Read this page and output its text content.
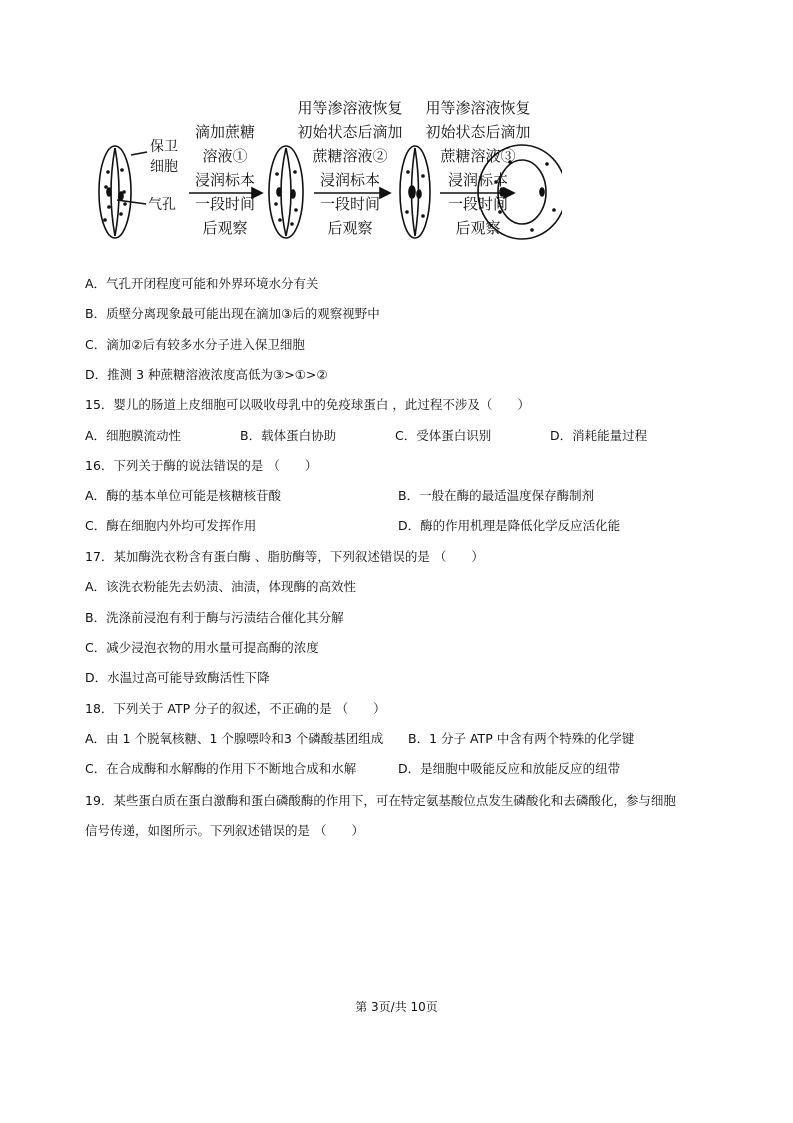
保卫
细胞
气孔
滴加蔗糖
溶液①
浸润标本
一段时间
后观察
用等渗溶液恢复
初始状态后滴加
蔗糖溶液②
浸润标本
一段时间
后观察
用等渗溶液恢复
初始状态后滴加
蔗糖溶液③
浸润标本
一段时间
后观察
A．气孔开闭程度可能和外界环境水分有关
B．质壁分离现象最可能出现在滴加③后的观察视野中
C．滴加②后有较多水分子进入保卫细胞
D．推测 3 种蔗糖溶液浓度高低为③>①>②
15．婴儿的肠道上皮细胞可以吸收母乳中的免疫球蛋白 ，此过程不涉及（　　）
A．细胞膜流动性	B．载体蛋白协助	C．受体蛋白识别	D．消耗能量过程
16．下列关于酶的说法错误的是 （　　）
A．酶的基本单位可能是核糖核苷酸	B．一般在酶的最适温度保存酶制剂
C．酶在细胞内外均可发挥作用	D．酶的作用机理是降低化学反应活化能
17．某加酶洗衣粉含有蛋白酶 、脂肪酶等，下列叙述错误的是 （　　）
A．该洗衣粉能先去奶渍、油渍，体现酶的高效性
B．洗涤前浸泡有利于酶与污渍结合催化其分解
C．减少浸泡衣物的用水量可提高酶的浓度
D．水温过高可能导致酶活性下降
18．下列关于 ATP 分子的叙述，不正确的是 （　　）
A．由 1 个脱氧核糖、1 个腺嘌呤和3 个磷酸基团组成 B．1 分子 ATP 中含有两个特殊的化学键
C．在合成酶和水解酶的作用下不断地合成和水解	D．是细胞中吸能反应和放能反应的纽带
19．某些蛋白质在蛋白激酶和蛋白磷酸酶的作用下，可在特定氨基酸位点发生磷酸化和去磷酸化，参与细胞
信号传递，如图所示。下列叙述错误的是 （　　）
第 3页/共 10页
